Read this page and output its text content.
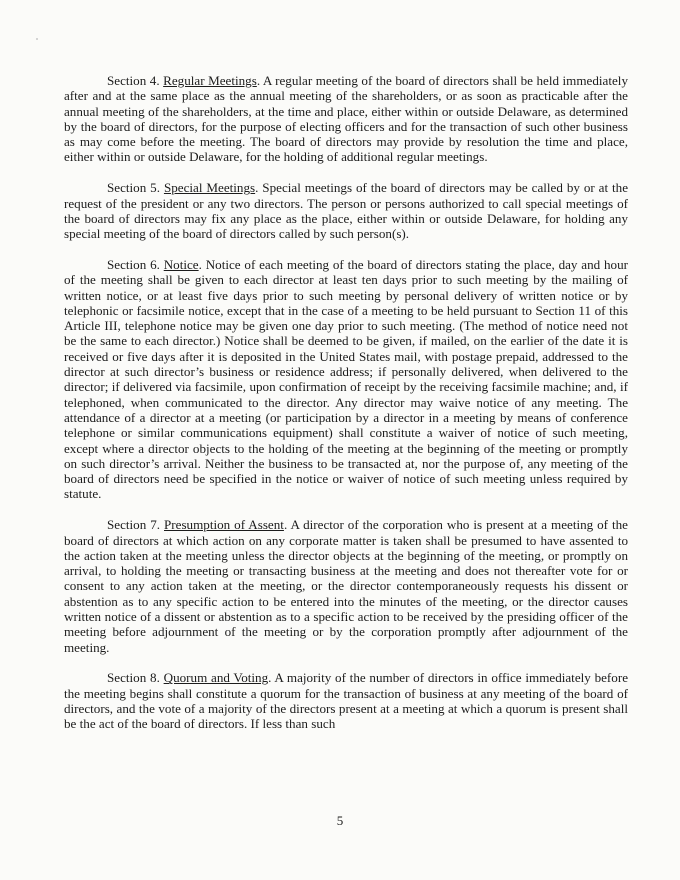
Section 4. Regular Meetings. A regular meeting of the board of directors shall be held immediately after and at the same place as the annual meeting of the shareholders, or as soon as practicable after the annual meeting of the shareholders, at the time and place, either within or outside Delaware, as determined by the board of directors, for the purpose of electing officers and for the transaction of such other business as may come before the meeting. The board of directors may provide by resolution the time and place, either within or outside Delaware, for the holding of additional regular meetings.

Section 5. Special Meetings. Special meetings of the board of directors may be called by or at the request of the president or any two directors. The person or persons authorized to call special meetings of the board of directors may fix any place as the place, either within or outside Delaware, for holding any special meeting of the board of directors called by such person(s).

Section 6. Notice. Notice of each meeting of the board of directors stating the place, day and hour of the meeting shall be given to each director at least ten days prior to such meeting by the mailing of written notice, or at least five days prior to such meeting by personal delivery of written notice or by telephonic or facsimile notice, except that in the case of a meeting to be held pursuant to Section 11 of this Article III, telephone notice may be given one day prior to such meeting. (The method of notice need not be the same to each director.) Notice shall be deemed to be given, if mailed, on the earlier of the date it is received or five days after it is deposited in the United States mail, with postage prepaid, addressed to the director at such director’s business or residence address; if personally delivered, when delivered to the director; if delivered via facsimile, upon confirmation of receipt by the receiving facsimile machine; and, if telephoned, when communicated to the director. Any director may waive notice of any meeting. The attendance of a director at a meeting (or participation by a director in a meeting by means of conference telephone or similar communications equipment) shall constitute a waiver of notice of such meeting, except where a director objects to the holding of the meeting at the beginning of the meeting or promptly on such director’s arrival. Neither the business to be transacted at, nor the purpose of, any meeting of the board of directors need be specified in the notice or waiver of notice of such meeting unless required by statute.

Section 7. Presumption of Assent. A director of the corporation who is present at a meeting of the board of directors at which action on any corporate matter is taken shall be presumed to have assented to the action taken at the meeting unless the director objects at the beginning of the meeting, or promptly on arrival, to holding the meeting or transacting business at the meeting and does not thereafter vote for or consent to any action taken at the meeting, or the director contemporaneously requests his dissent or abstention as to any specific action to be entered into the minutes of the meeting, or the director causes written notice of a dissent or abstention as to a specific action to be received by the presiding officer of the meeting before adjournment of the meeting or by the corporation promptly after adjournment of the meeting.

Section 8. Quorum and Voting. A majority of the number of directors in office immediately before the meeting begins shall constitute a quorum for the transaction of business at any meeting of the board of directors, and the vote of a majority of the directors present at a meeting at which a quorum is present shall be the act of the board of directors. If less than such

5
